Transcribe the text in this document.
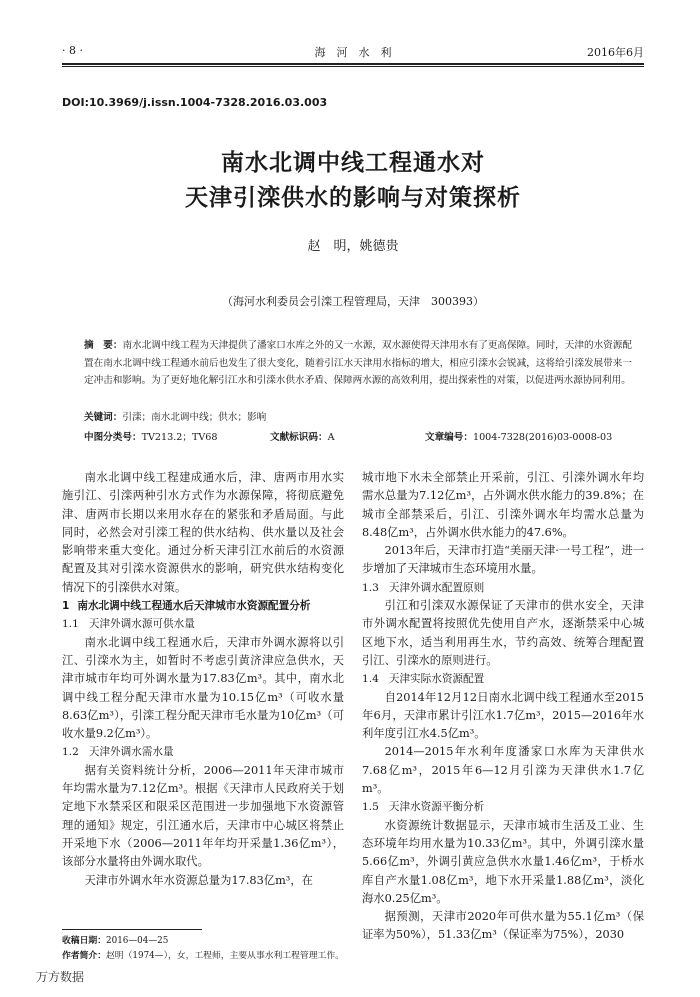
· 8 ·	海　河　水　利	2016年6月
DOI:10.3969/j.issn.1004-7328.2016.03.003
南水北调中线工程通水对
天津引滦供水的影响与对策探析
赵　明，姚德贵
（海河水利委员会引滦工程管理局，天津　300393）
摘　要：南水北调中线工程为天津提供了潘家口水库之外的又一水源，双水源使得天津用水有了更高保障。同时，天津的水资源配置在南水北调中线工程通水前后也发生了很大变化，随着引江水天津用水指标的增大，相应引滦水会锐减，这将给引滦发展带来一定冲击和影响。为了更好地化解引江水和引滦水供水矛盾、保障两水源的高效利用，提出探索性的对策，以促进两水源协同利用。
关键词：引滦；南水北调中线；供水；影响
中图分类号：TV213.2；TV68	文献标识码：A	文章编号：1004-7328(2016)03-0008-03

南水北调中线工程建成通水后，津、唐两市用水实施引江、引滦两种引水方式作为水源保障，将彻底避免津、唐两市长期以来用水存在的紧张和矛盾局面。与此同时，必然会对引滦工程的供水结构、供水量以及社会影响带来重大变化。通过分析天津引江水前后的水资源配置及其对引滦水资源供水的影响，研究供水结构变化情况下的引滦供水对策。

1 南水北调中线工程通水后天津城市水资源配置分析

1.1 天津外调水源可供水量

南水北调中线工程通水后，天津市外调水源将以引江、引滦水为主，如暂时不考虑引黄济津应急供水，天津市城市年均可外调水量为17.83亿m³。其中，南水北调中线工程分配天津市水量为10.15亿m³（可收水量8.63亿m³），引滦工程分配天津市毛水量为10亿m³（可收水量9.2亿m³）。

1.2 天津外调水需水量

据有关资料统计分析，2006—2011年天津市城市年均需水量为7.12亿m³。根据《天津市人民政府关于划定地下水禁采区和限采区范围进一步加强地下水资源管理的通知》规定，引江通水后，天津市中心城区将禁止开采地下水（2006—2011年年均开采量1.36亿m³），该部分水量将由外调水取代。

天津市外调水年水资源总量为17.83亿m³，在

城市地下水未全部禁止开采前，引江、引滦外调水年均需水总量为7.12亿m³，占外调水供水能力的39.8%；在城市全部禁采后，引江、引滦外调水年均需水总量为8.48亿m³，占外调水供水能力的47.6%。

2013年后，天津市打造“美丽天津·一号工程”，进一步增加了天津城市生态环境用水量。

1.3 天津外调水配置原则

引江和引滦双水源保证了天津市的供水安全，天津市外调水配置将按照优先使用自产水，逐渐禁采中心城区地下水，适当利用再生水，节约高效、统筹合理配置引江、引滦水的原则进行。

1.4 天津实际水资源配置

自2014年12月12日南水北调中线工程通水至2015年6月，天津市累计引江水1.7亿m³，2015—2016年水利年度引江水4.5亿m³。

2014—2015年水利年度潘家口水库为天津供水7.68亿m³，2015年6—12月引滦为天津供水1.7亿m³。

1.5 天津水资源平衡分析

水资源统计数据显示，天津市城市生活及工业、生态环境年均用水量为10.33亿m³。其中，外调引滦水量5.66亿m³，外调引黄应急供水水量1.46亿m³，于桥水库自产水量1.08亿m³，地下水开采量1.88亿m³，淡化海水0.25亿m³。

据预测，天津市2020年可供水量为55.1亿m³（保证率为50%），51.33亿m³（保证率为75%），2030

收稿日期：2016—04—25
作者简介：赵明（1974—），女，工程师，主要从事水利工程管理工作。
万方数据
